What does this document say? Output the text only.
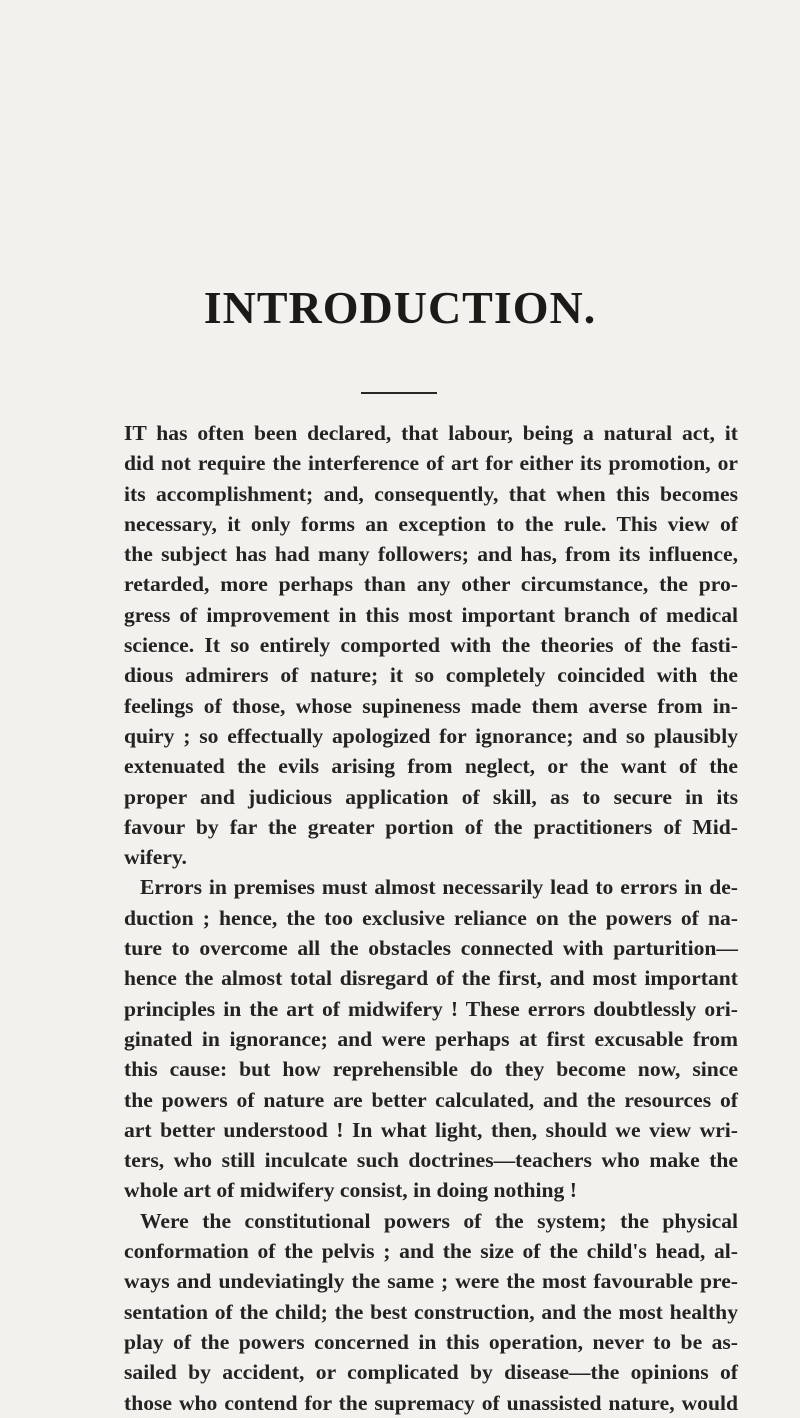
INTRODUCTION.
IT has often been declared, that labour, being a natural act, it
did not require the interference of art for either its promotion, or
its accomplishment; and, consequently, that when this becomes
necessary, it only forms an exception to the rule. This view of
the subject has had many followers; and has, from its influence,
retarded, more perhaps than any other circumstance, the pro-
gress of improvement in this most important branch of medical
science. It so entirely comported with the theories of the fasti-
dious admirers of nature; it so completely coincided with the
feelings of those, whose supineness made them averse from in-
quiry ; so effectually apologized for ignorance; and so plausibly
extenuated the evils arising from neglect, or the want of the
proper and judicious application of skill, as to secure in its
favour by far the greater portion of the practitioners of Mid-
wifery.
Errors in premises must almost necessarily lead to errors in de-
duction ; hence, the too exclusive reliance on the powers of na-
ture to overcome all the obstacles connected with parturition—
hence the almost total disregard of the first, and most important
principles in the art of midwifery ! These errors doubtlessly ori-
ginated in ignorance; and were perhaps at first excusable from
this cause: but how reprehensible do they become now, since
the powers of nature are better calculated, and the resources of
art better understood ! In what light, then, should we view wri-
ters, who still inculcate such doctrines—teachers who make the
whole art of midwifery consist, in doing nothing !
Were the constitutional powers of the system; the physical
conformation of the pelvis ; and the size of the child's head, al-
ways and undeviatingly the same ; were the most favourable pre-
sentation of the child; the best construction, and the most healthy
play of the powers concerned in this operation, never to be as-
sailed by accident, or complicated by disease—the opinions of
those who contend for the supremacy of unassisted nature, would
